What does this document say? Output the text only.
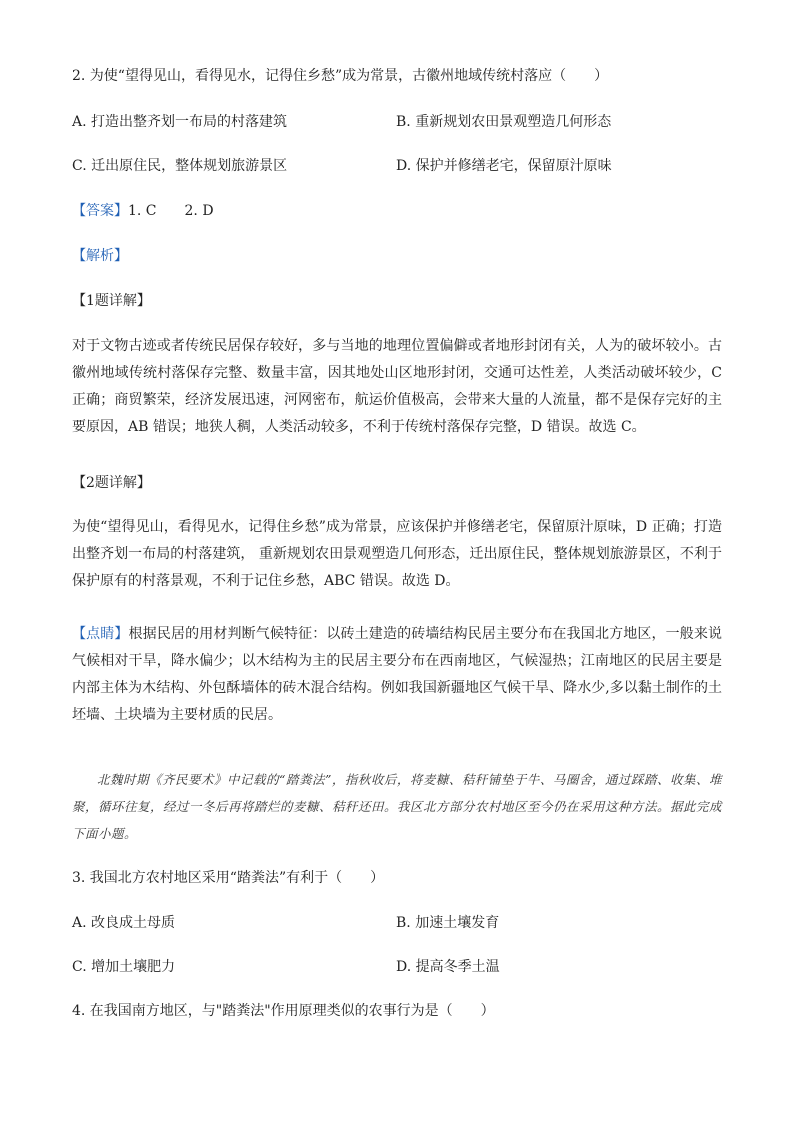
2. 为使“望得见山，看得见水，记得住乡愁”成为常景，古徽州地域传统村落应（　　）
A. 打造出整齐划一布局的村落建筑	B. 重新规划农田景观塑造几何形态
C. 迁出原住民，整体规划旅游景区	D. 保护并修缮老宅，保留原汁原味
【答案】1. C　　2. D
【解析】
【1题详解】

对于文物古迹或者传统民居保存较好，多与当地的地理位置偏僻或者地形封闭有关，人为的破坏较小。古徽州地域传统村落保存完整、数量丰富，因其地处山区地形封闭，交通可达性差，人类活动破坏较少，C正确；商贸繁荣，经济发展迅速，河网密布，航运价值极高，会带来大量的人流量，都不是保存完好的主要原因，AB 错误；地狭人稠，人类活动较多，不利于传统村落保存完整，D 错误。故选 C。

【2题详解】

为使“望得见山，看得见水，记得住乡愁”成为常景，应该保护并修缮老宅，保留原汁原味，D 正确；打造出整齐划一布局的村落建筑， 重新规划农田景观塑造几何形态，迁出原住民，整体规划旅游景区，不利于保护原有的村落景观，不利于记住乡愁，ABC 错误。故选 D。

【点睛】根据民居的用材判断气候特征：以砖土建造的砖墙结构民居主要分布在我国北方地区，一般来说气候相对干旱，降水偏少；以木结构为主的民居主要分布在西南地区，气候湿热；江南地区的民居主要是内部主体为木结构、外包酥墙体的砖木混合结构。例如我国新疆地区气候干旱、降水少,多以黏土制作的土坯墙、土块墙为主要材质的民居。

北魏时期《齐民要术》中记载的“踏粪法”，指秋收后，将麦糠、秸秆铺垫于牛、马圈舍，通过踩踏、收集、堆聚，循环往复，经过一冬后再将踏烂的麦糠、秸秆还田。我区北方部分农村地区至今仍在采用这种方法。据此完成下面小题。

3. 我国北方农村地区采用“踏粪法”有利于（　　）
A. 改良成土母质	B. 加速土壤发育
C. 增加土壤肥力	D. 提高冬季土温
4. 在我国南方地区，与"踏粪法"作用原理类似的农事行为是（　　）
